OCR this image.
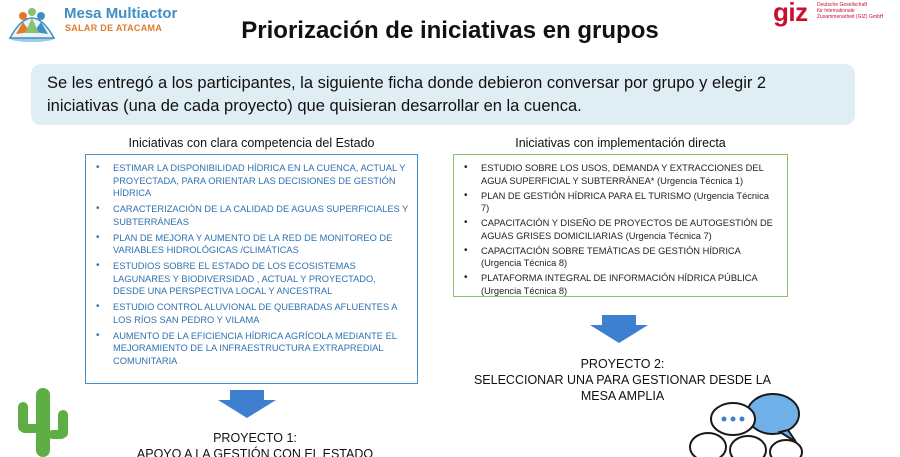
Mesa Multiactor
SALAR DE ATACAMA
giz Deutsche Gesellschaft
für Internationale
Zusammenarbeit (GIZ) GmbH
Priorización de iniciativas en grupos
Se les entregó a los participantes, la siguiente ficha donde debieron conversar por grupo y elegir 2 iniciativas (una de cada proyecto) que quisieran desarrollar en la cuenca.
Iniciativas con clara competencia del Estado	Iniciativas con implementación directa
• ESTIMAR LA DISPONIBILIDAD HÍDRICA EN LA CUENCA, ACTUAL Y PROYECTADA, PARA ORIENTAR LAS DECISIONES DE GESTIÓN HÍDRICA
• CARACTERIZACIÓN DE LA CALIDAD DE AGUAS SUPERFICIALES Y SUBTERRÁNEAS
• PLAN DE MEJORA Y AUMENTO DE LA RED DE MONITOREO DE VARIABLES HIDROLÓGICAS /CLIMÁTICAS
• ESTUDIOS SOBRE EL ESTADO DE LOS ECOSISTEMAS LAGUNARES Y BIODIVERSIDAD , ACTUAL Y PROYECTADO, DESDE UNA PERSPECTIVA LOCAL Y ANCESTRAL
• ESTUDIO CONTROL ALUVIONAL DE QUEBRADAS AFLUENTES A LOS RÍOS SAN PEDRO Y VILAMA
• AUMENTO DE LA EFICIENCIA HÍDRICA AGRÍCOLA MEDIANTE EL MEJORAMIENTO DE LA INFRAESTRUCTURA EXTRAPREDIAL COMUNITARIA
• ESTUDIO SOBRE LOS USOS, DEMANDA Y EXTRACCIONES DEL AGUA SUPERFICIAL Y SUBTERRÁNEA* (Urgencia Técnica 1)
• PLAN DE GESTIÓN HÍDRICA PARA EL TURISMO (Urgencia Técnica 7)
• CAPACITACIÓN Y DISEÑO DE PROYECTOS DE AUTOGESTIÓN DE AGUAS GRISES DOMICILIARIAS (Urgencia Técnica 7)
• CAPACITACIÓN SOBRE TEMÁTICAS DE GESTIÓN HÍDRICA (Urgencia Técnica 8)
• PLATAFORMA INTEGRAL DE INFORMACIÓN HÍDRICA PÚBLICA (Urgencia Técnica 8)
PROYECTO 2:
SELECCIONAR UNA PARA GESTIONAR DESDE LA
MESA AMPLIA
PROYECTO 1:
APOYO A LA GESTIÓN CON EL ESTADO
